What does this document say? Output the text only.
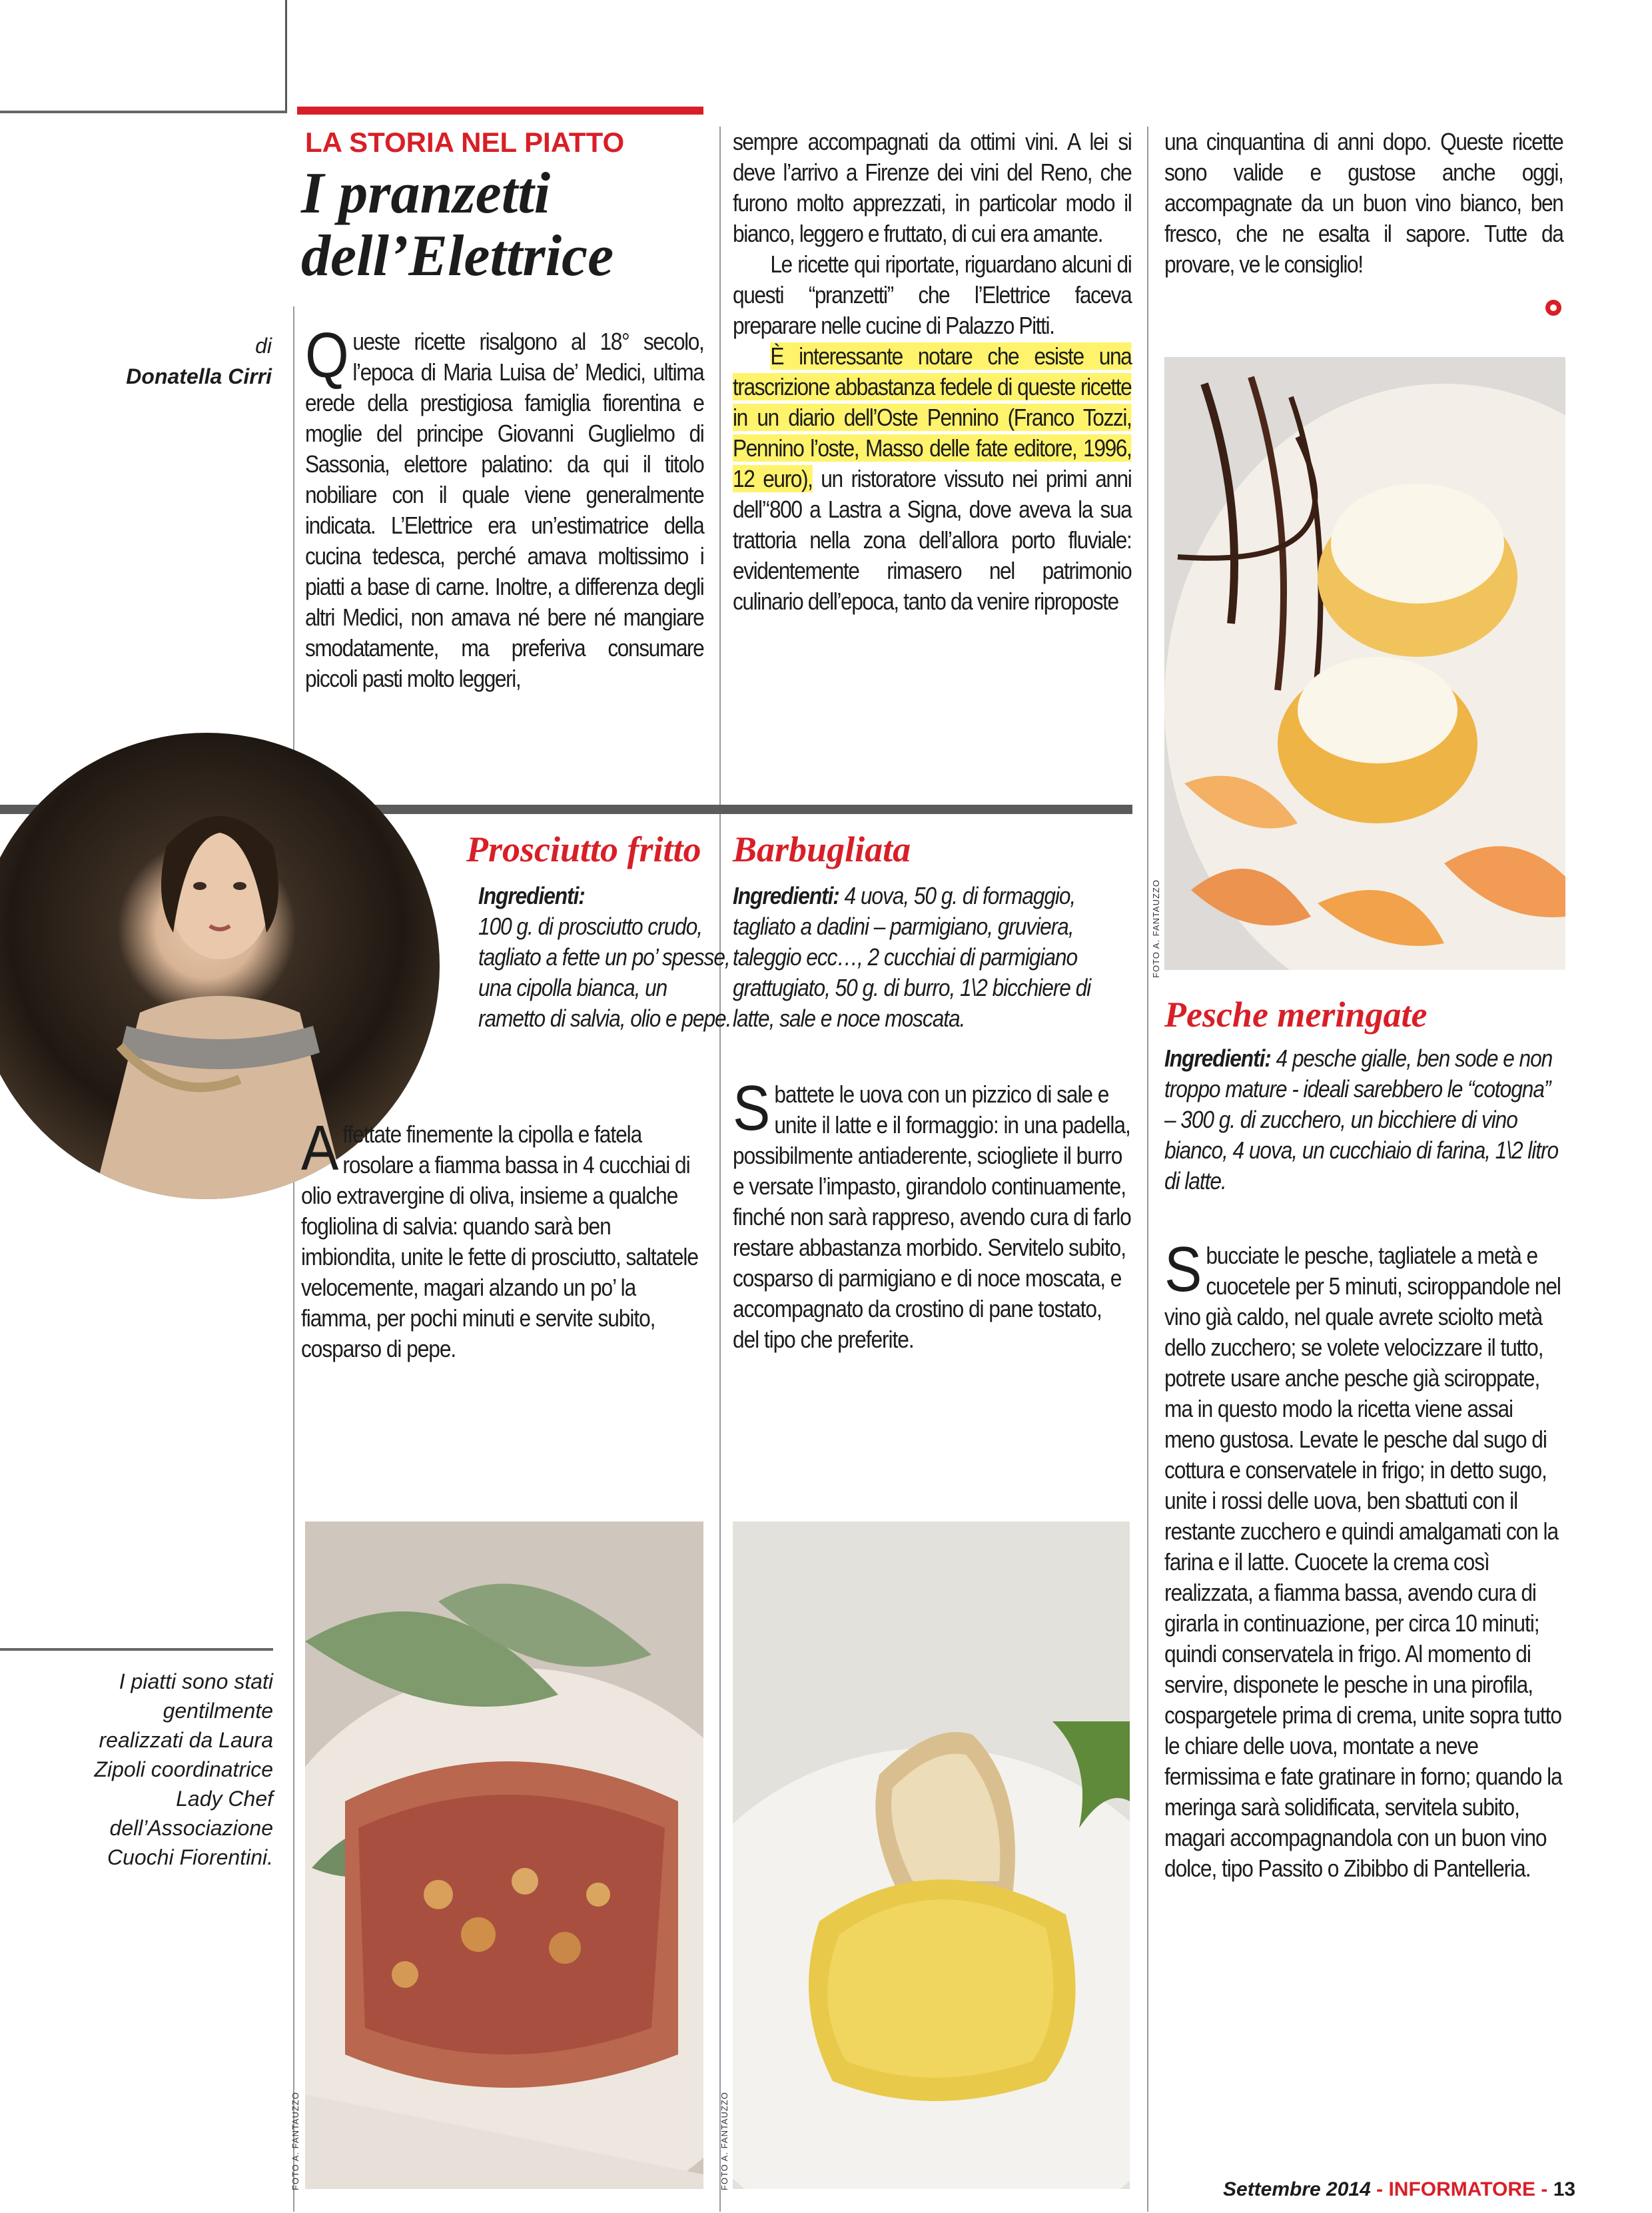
LA STORIA NEL PIATTO
I pranzetti
dell’Elettrice
di
Donatella Cirri Queste ricette risalgono al 18° secolo, l’epoca di Maria Luisa de’ Medici, ultima erede della prestigiosa famiglia fiorentina e moglie del principe Giovanni Guglielmo di Sassonia, elettore palatino: da qui il titolo nobiliare con il quale viene generalmente indicata. L’Elettrice era un’estimatrice della cucina tedesca, perché amava moltissimo i piatti a base di carne. Inoltre, a differenza degli altri Medici, non amava né bere né mangiare smodatamente, ma preferiva consumare piccoli pasti molto leggeri,

sempre accompagnati da ottimi vini. A lei si deve l’arrivo a Firenze dei vini del Reno, che furono molto apprezzati, in particolar modo il bianco, leggero e fruttato, di cui era amante.

Le ricette qui riportate, riguardano alcuni di questi “pranzetti” che l’Elettrice faceva preparare nelle cucine di Palazzo Pitti.

È interessante notare che esiste una trascrizione abbastanza fedele di queste ricette in un diario dell’Oste Pennino (Franco Tozzi, Pennino l’oste, Masso delle fate editore, 1996, 12 euro), un ristoratore vissuto nei primi anni dell’‘800 a Lastra a Signa, dove aveva la sua trattoria nella zona dell’allora porto fluviale: evidentemente rimasero nel patrimonio culinario dell’epoca, tanto da venire riproposte

una cinquantina di anni dopo. Queste ricette sono valide e gustose anche oggi, accompagnate da un buon vino bianco, ben fresco, che ne esalta il sapore. Tutte da provare, ve le consiglio!

Prosciutto fritto
Ingredienti:
100 g. di prosciutto crudo, tagliato a fette un po’ spesse, una cipolla bianca, un rametto di salvia, olio e pepe.
Affettate finemente la cipolla e fatela rosolare a fiamma bassa in 4 cucchiai di olio extravergine di oliva, insieme a qualche fogliolina di salvia: quando sarà ben imbiondita, unite le fette di prosciutto, saltatele velocemente, magari alzando un po’ la fiamma, per pochi minuti e servite subito, cosparso di pepe.
Barbugliata
Ingredienti: 4 uova, 50 g. di formaggio, tagliato a dadini – parmigiano, gruviera, taleggio ecc…, 2 cucchiai di parmigiano grattugiato, 50 g. di burro, 1\2 bicchiere di latte, sale e noce moscata.
Sbattete le uova con un pizzico di sale e unite il latte e il formaggio: in una padella, possibilmente antiaderente, sciogliete il burro e versate l’impasto, girandolo continuamente, finché non sarà rappreso, avendo cura di farlo restare abbastanza morbido. Servitelo subito, cosparso di parmigiano e di noce moscata, e accompagnato da crostino di pane tostato, del tipo che preferite.
Pesche meringate
Ingredienti: 4 pesche gialle, ben sode e non troppo mature - ideali sarebbero le “cotogna” – 300 g. di zucchero, un bicchiere di vino bianco, 4 uova, un cucchiaio di farina, 1\2 litro di latte.
Sbucciate le pesche, tagliatele a metà e cuocetele per 5 minuti, sciroppandole nel vino già caldo, nel quale avrete sciolto metà dello zucchero; se volete velocizzare il tutto, potrete usare anche pesche già sciroppate, ma in questo modo la ricetta viene assai meno gustosa. Levate le pesche dal sugo di cottura e conservatele in frigo; in detto sugo, unite i rossi delle uova, ben sbattuti con il restante zucchero e quindi amalgamati con la farina e il latte. Cuocete la crema così realizzata, a fiamma bassa, avendo cura di girarla in continuazione, per circa 10 minuti; quindi conservatela in frigo. Al momento di servire, disponete le pesche in una pirofila, cospargetele prima di crema, unite sopra tutto le chiare delle uova, montate a neve fermissima e fate gratinare in forno; quando la meringa sarà solidificata, servitela subito, magari accompagnandola con un buon vino dolce, tipo Passito o Zibibbo di Pantelleria.
FOTO A. FANTAUZZO
FOTO A. FANTAUZZO	FOTO A. FANTAUZZO
I piatti sono stati gentilmente realizzati da Laura Zipoli coordinatrice Lady Chef dell’Associazione Cuochi Fiorentini.
Settembre 2014 - INFORMATORE - 13
